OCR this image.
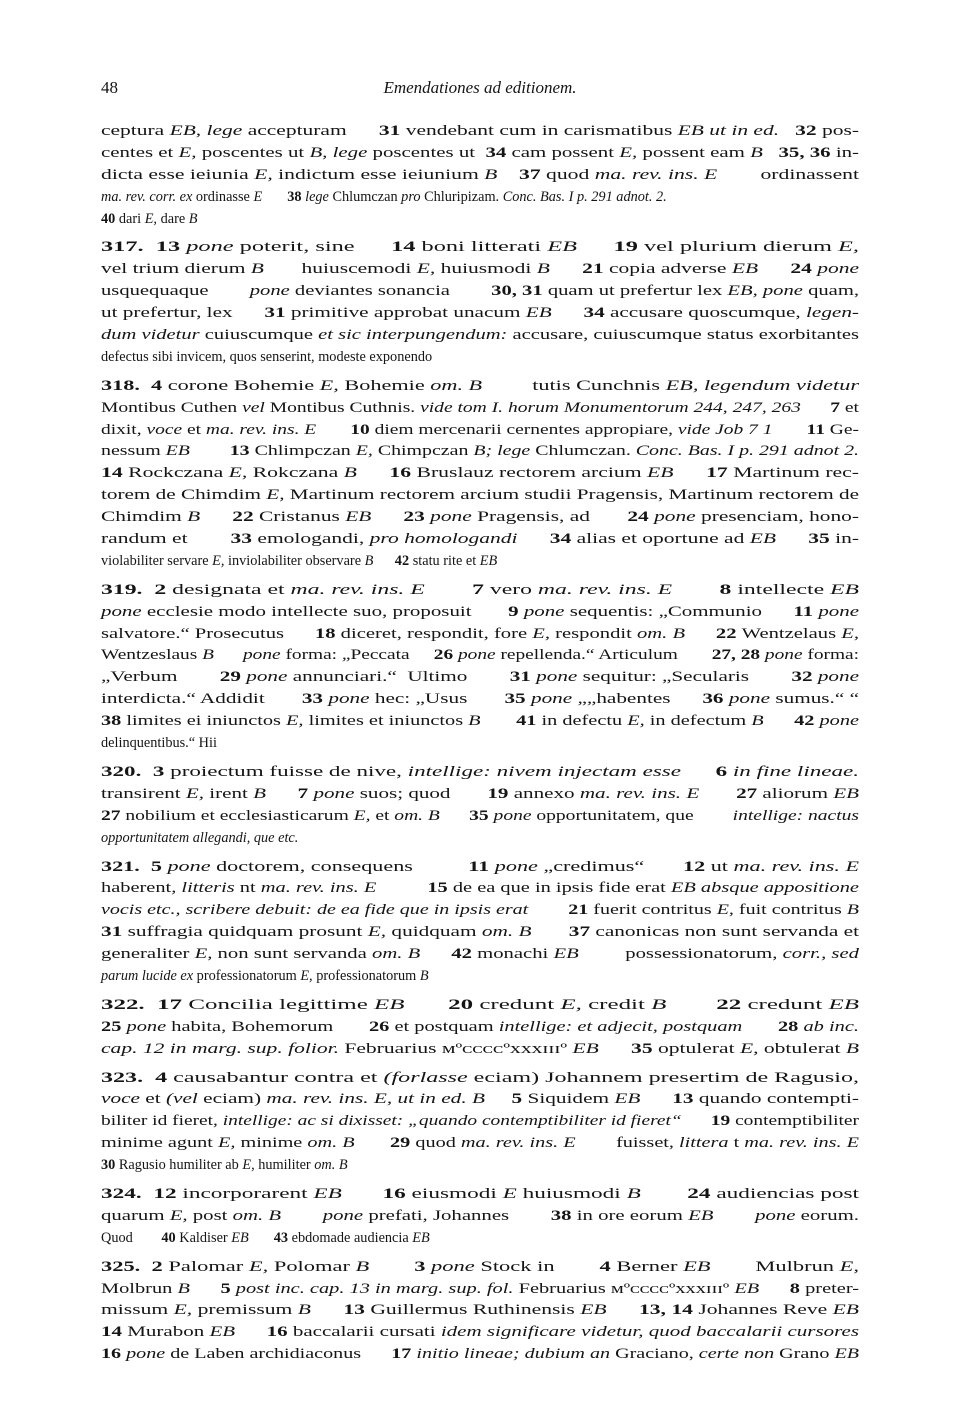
48	Emendationes ad editionem.
ceptura EB, lege accepturam      31 vendebant cum in carismatibus EB ut in ed.   32 pos-
centes et E, poscentes ut B, lege poscentes ut  34 cam possent E, possent eam B   35, 36 in-
dicta esse ieiunia E, indictum esse ieiunium B    37 quod ma. rev. ins. E        ordinassent
ma. rev. corr. ex ordinasse E       38 lege Chlumczan pro Chluripizam. Conc. Bas. I p. 291 adnot. 2.
40 dari E, dare B
317.  13 pone poterit, sine      14 boni litterati EB      19 vel plurium dierum E,
vel trium dierum B       huiuscemodi E, huiusmodi B      21 copia adverse EB      24 pone
usquequaque        pone deviantes sonancia        30, 31 quam ut prefertur lex EB, pone quam,
ut prefertur, lex      31 primitive approbat unacum EB      34 accusare quoscumque, legen-
dum videtur cuiuscumque et sic interpungendum: accusare, cuiuscumque status exorbitantes
defectus sibi invicem, quos senserint, modeste exponendo
318.  4 corone Bohemie E, Bohemie om. B         tutis Cunchnis EB, legendum videtur
Montibus Cuthen vel Montibus Cuthnis. vide tom I. horum Monumentorum 244, 247, 263      7 et
dixit, voce et ma. rev. ins. E       10 diem mercenarii cernentes appropiare, vide Job 7 1       11 Ge-
nessum EB        13 Chlimpczan E, Chimpczan B; lege Chlumczan. Conc. Bas. I p. 291 adnot 2.
14 Rockczana E, Rokczana B      16 Bruslauz rectorem arcium EB      17 Martinum rec-
torem de Chimdim E, Martinum rectorem arcium studii Pragensis, Martinum rectorem de
Chimdim B      22 Cristanus EB      23 pone Pragensis, ad       24 pone presenciam, hono-
randum et        33 emologandi, pro homologandi      34 alias et oportune ad EB      35 in-
violabiliter servare E, inviolabiliter observare B      42 statu rite et EB
319.  2 designata et ma. rev. ins. E        7 vero ma. rev. ins. E        8 intellecte EB
pone ecclesie modo intellecte suo, proposuit       9 pone sequentis: „Communio      11 pone
salvatore.“ Prosecutus      18 diceret, respondit, fore E, respondit om. B      22 Wentzelaus E,
Wentzeslaus B pone forma: „Peccata     26 pone repellenda.“ Articulum       27, 28 pone forma:
„Verbum        29 pone annunciari.“  Ultimo        31 pone sequitur: „Secularis        32 pone
interdicta.“ Addidit       33 pone hec: „Usus       35 pone „„habentes      36 pone sumus.“ “
38 limites ei iniunctos E, limites et iniunctos B       41 in defectu E, in defectum B      42 pone
delinquentibus.“ Hii
320.  3 proiectum fuisse de nive, intellige: nivem injectam esse      6 in fine lineae.
transirent E, irent B      7 pone suos; quod       19 annexo ma. rev. ins. E       27 aliorum EB
27 nobilium et ecclesiasticarum E, et om. B      35 pone opportunitatem, que        intellige: nactus
opportunitatem allegandi, que etc.
321.  5 pone doctorem, consequens          11 pone „credimus“       12 ut ma. rev. ins. E
haberent, litteris nt ma. rev. ins. E          15 de ea que in ipsis fide erat EB absque appositione
vocis etc., scribere debuit: de ea fide que in ipsis erat        21 fuerit contritus E, fuit contritus B
31 suffragia quidquam prosunt E, quidquam om. B       37 canonicas non sunt servanda et
generaliter E, non sunt servanda om. B      42 monachi EB         possessionatorum, corr., sed
parum lucide ex professionatorum E, professionatorum B
322.  17 Concilia legittime EB       20 credunt E, credit B        22 credunt EB
25 pone habita, Bohemorum       26 et postquam intellige: et adjecit, postquam       28 ab inc.
cap. 12 in marg. sup. folior. Februarius ᴍºᴄᴄᴄᴄºxxxɪɪɪº EB      35 optulerat E, obtulerat B
323.  4 causabantur contra et (forlasse eciam) Johannem presertim de Ragusio,
voce et (vel eciam) ma. rev. ins. E, ut in ed. B     5 Siquidem EB      13 quando contempti-
biliter id fieret, intellige: ac si dixisset: „quando contemptibiliter id fieret“      19 contemptibiliter
minime agunt E, minime om. B       29 quod ma. rev. ins. E        fuisset, littera t ma. rev. ins. E
30 Ragusio humiliter ab E, humiliter om. B
324.  12 incorporarent EB       16 eiusmodi E huiusmodi B        24 audiencias post
quarum E, post om. B	pone prefati, Johannes        38 in ore eorum EB	pone eorum.
Quod        40 Kaldiser EB       43 ebdomade audiencia EB
325.  2 Palomar E, Polomar B        3 pone Stock in        4 Berner EB        Mulbrun E,
Molbrun B      5 post inc. cap. 13 in marg. sup. fol. Februarius ᴍºᴄᴄᴄᴄºxxxɪɪɪº EB      8 preter-
missum E, premissum B      13 Guillermus Ruthinensis EB      13, 14 Johannes Reve EB
14 Murabon EB      16 baccalarii cursati idem significare videtur, quod baccalarii cursores
16 pone de Laben archidiaconus      17 initio lineae; dubium an Graciano, certe non Grano EB
